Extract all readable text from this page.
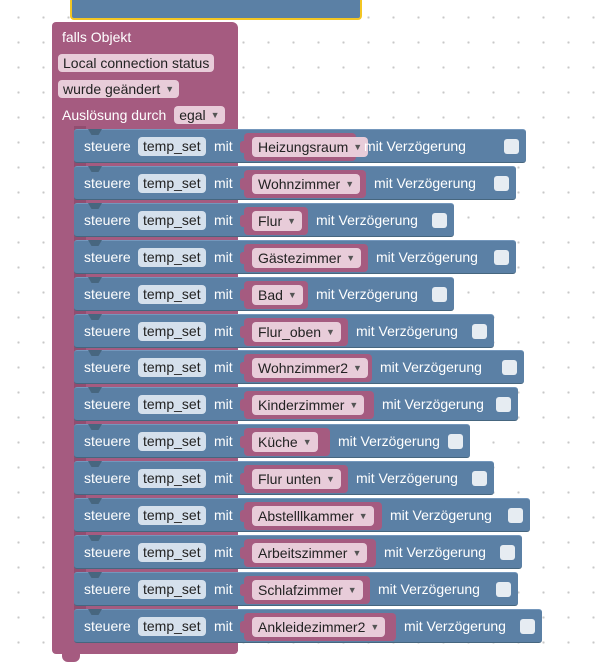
falls Objekt
Local connection status
wurde geändert ▼
Auslösung durch egal ▼
steuere temp_set mit	Heizungsraum ▼ mit Verzögerung
steuere temp_set mit	Wohnzimmer ▼	mit Verzögerung
steuere temp_set mit	Flur ▼	mit Verzögerung
steuere temp_set mit	Gästezimmer ▼	mit Verzögerung
steuere temp_set mit	Bad ▼	mit Verzögerung
steuere temp_set mit	Flur_oben ▼	mit Verzögerung
steuere temp_set mit	Wohnzimmer2 ▼	mit Verzögerung
steuere temp_set mit	Kinderzimmer ▼	mit Verzögerung
steuere temp_set mit	Küche ▼	mit Verzögerung
steuere temp_set mit	Flur unten ▼	mit Verzögerung
steuere temp_set mit	Abstelllkammer ▼	mit Verzögerung
steuere temp_set mit	Arbeitszimmer ▼	mit Verzögerung
steuere temp_set mit	Schlafzimmer ▼	mit Verzögerung
steuere temp_set mit	Ankleidezimmer2 ▼	mit Verzögerung
